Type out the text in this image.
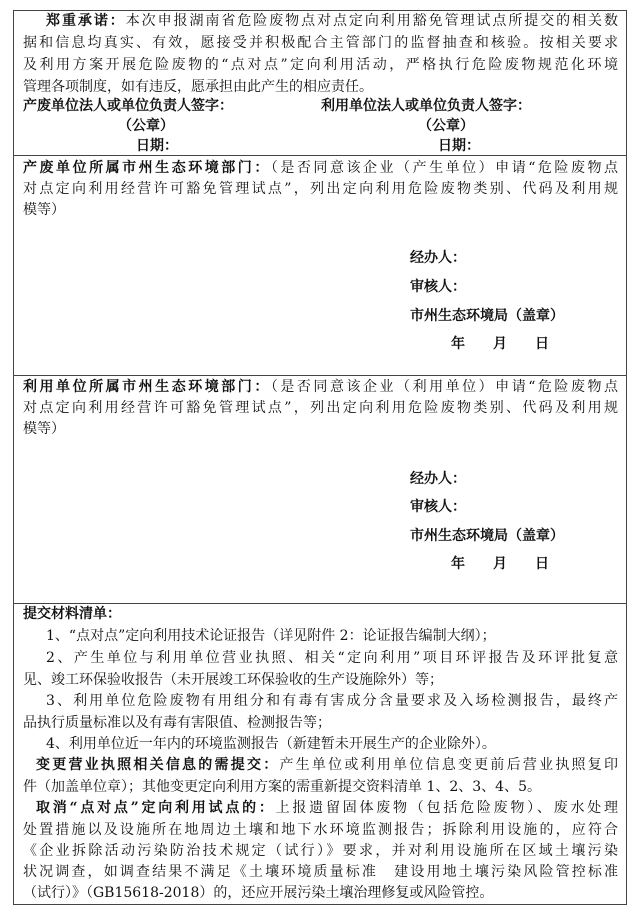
郑重承诺：本次申报湖南省危险废物点对点定向利用豁免管理试点所提交的相关数
据和信息均真实、有效，愿接受并积极配合主管部门的监督抽查和核验。按相关要求
及利用方案开展危险废物的“点对点”定向利用活动，严格执行危险废物规范化环境
管理各项制度，如有违反，愿承担由此产生的相应责任。
产废单位法人或单位负责人签字：	利用单位法人或单位负责人签字：
（公章）	（公章）
日期：	日期：
产废单位所属市州生态环境部门：（是否同意该企业（产生单位）申请“危险废物点
对点定向利用经营许可豁免管理试点”，列出定向利用危险废物类别、代码及利用规
模等）
经办人：
审核人：
市州生态环境局（盖章）
年　　月　　日
利用单位所属市州生态环境部门：（是否同意该企业（利用单位）申请“危险废物点
对点定向利用经营许可豁免管理试点”，列出定向利用危险废物类别、代码及利用规
模等）
经办人：
审核人：
市州生态环境局（盖章）
年　　月　　日
提交材料清单：
1、“点对点”定向利用技术论证报告（详见附件 2：论证报告编制大纲）；
2、产生单位与利用单位营业执照、相关“定向利用”项目环评报告及环评批复意
见、竣工环保验收报告（未开展竣工环保验收的生产设施除外）等；
3、利用单位危险废物有用组分和有毒有害成分含量要求及入场检测报告，最终产
品执行质量标准以及有毒有害限值、检测报告等；
4、利用单位近一年内的环境监测报告（新建暂未开展生产的企业除外）。
变更营业执照相关信息的需提交：产生单位或利用单位信息变更前后营业执照复印
件（加盖单位章）；其他变更定向利用方案的需重新提交资料清单 1、2、3、4、5。
取消“点对点”定向利用试点的：上报遗留固体废物（包括危险废物）、废水处理
处置措施以及设施所在地周边土壤和地下水环境监测报告；拆除利用设施的，应符合
《企业拆除活动污染防治技术规定（试行）》要求，并对利用设施所在区域土壤污染
状况调查，如调查结果不满足《土壤环境质量标准　建设用地土壤污染风险管控标准
（试行）》（GB15618-2018）的，还应开展污染土壤治理修复或风险管控。
